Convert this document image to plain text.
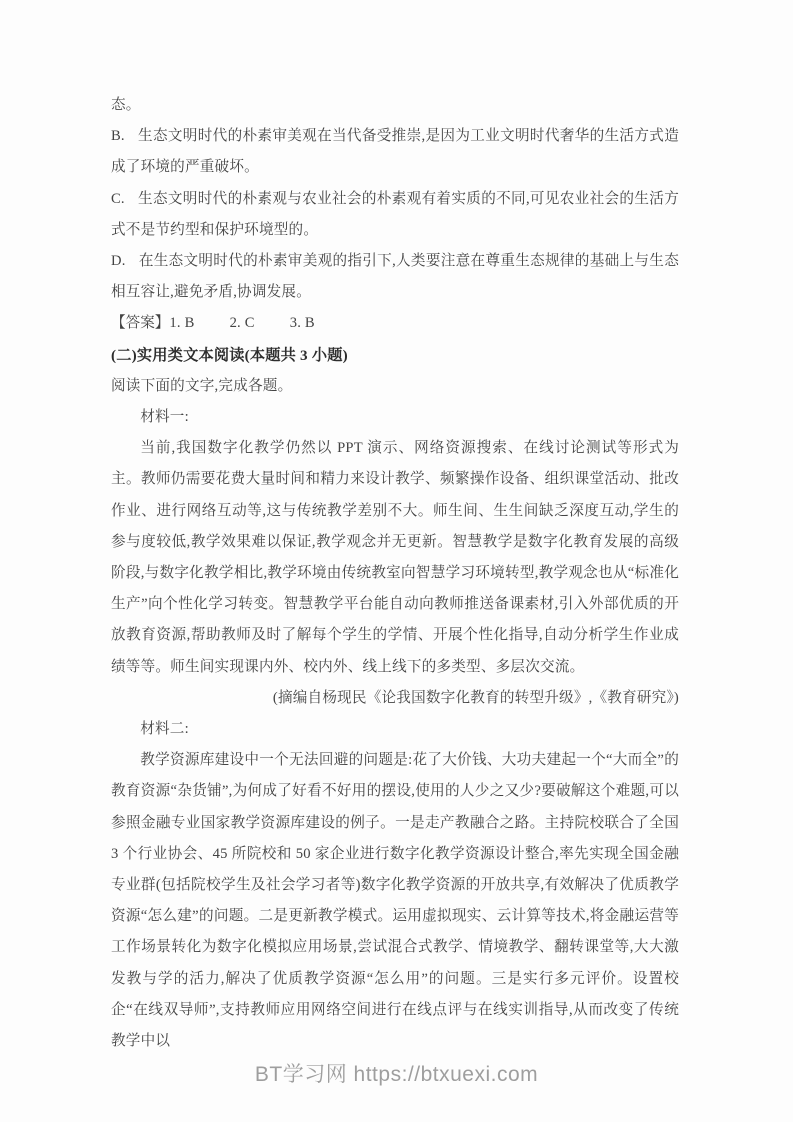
态。

B. 生态文明时代的朴素审美观在当代备受推崇,是因为工业文明时代奢华的生活方式造成了环境的严重破坏。

C. 生态文明时代的朴素观与农业社会的朴素观有着实质的不同,可见农业社会的生活方式不是节约型和保护环境型的。

D. 在生态文明时代的朴素审美观的指引下,人类要注意在尊重生态规律的基础上与生态相互容让,避免矛盾,协调发展。

【答案】1. B 2. C 3. B

(二)实用类文本阅读(本题共 3 小题)

阅读下面的文字,完成各题。

材料一:

当前,我国数字化教学仍然以 PPT 演示、网络资源搜索、在线讨论测试等形式为主。教师仍需要花费大量时间和精力来设计教学、频繁操作设备、组织课堂活动、批改作业、进行网络互动等,这与传统教学差别不大。师生间、生生间缺乏深度互动,学生的参与度较低,教学效果难以保证,教学观念并无更新。智慧教学是数字化教育发展的高级阶段,与数字化教学相比,教学环境由传统教室向智慧学习环境转型,教学观念也从“标准化生产”向个性化学习转变。智慧教学平台能自动向教师推送备课素材,引入外部优质的开放教育资源,帮助教师及时了解每个学生的学情、开展个性化指导,自动分析学生作业成绩等等。师生间实现课内外、校内外、线上线下的多类型、多层次交流。

(摘编自杨现民《论我国数字化教育的转型升级》,《教育研究》)

材料二:

教学资源库建设中一个无法回避的问题是:花了大价钱、大功夫建起一个“大而全”的教育资源“杂货铺”,为何成了好看不好用的摆设,使用的人少之又少?要破解这个难题,可以参照金融专业国家教学资源库建设的例子。一是走产教融合之路。主持院校联合了全国 3 个行业协会、45 所院校和 50 家企业进行数字化教学资源设计整合,率先实现全国金融专业群(包括院校学生及社会学习者等)数字化教学资源的开放共享,有效解决了优质教学资源“怎么建”的问题。二是更新教学模式。运用虚拟现实、云计算等技术,将金融运营等工作场景转化为数字化模拟应用场景,尝试混合式教学、情境教学、翻转课堂等,大大激发教与学的活力,解决了优质教学资源“怎么用”的问题。三是实行多元评价。设置校企“在线双导师”,支持教师应用网络空间进行在线点评与在线实训指导,从而改变了传统教学中以

BT学习网 https://btxuexi.com
